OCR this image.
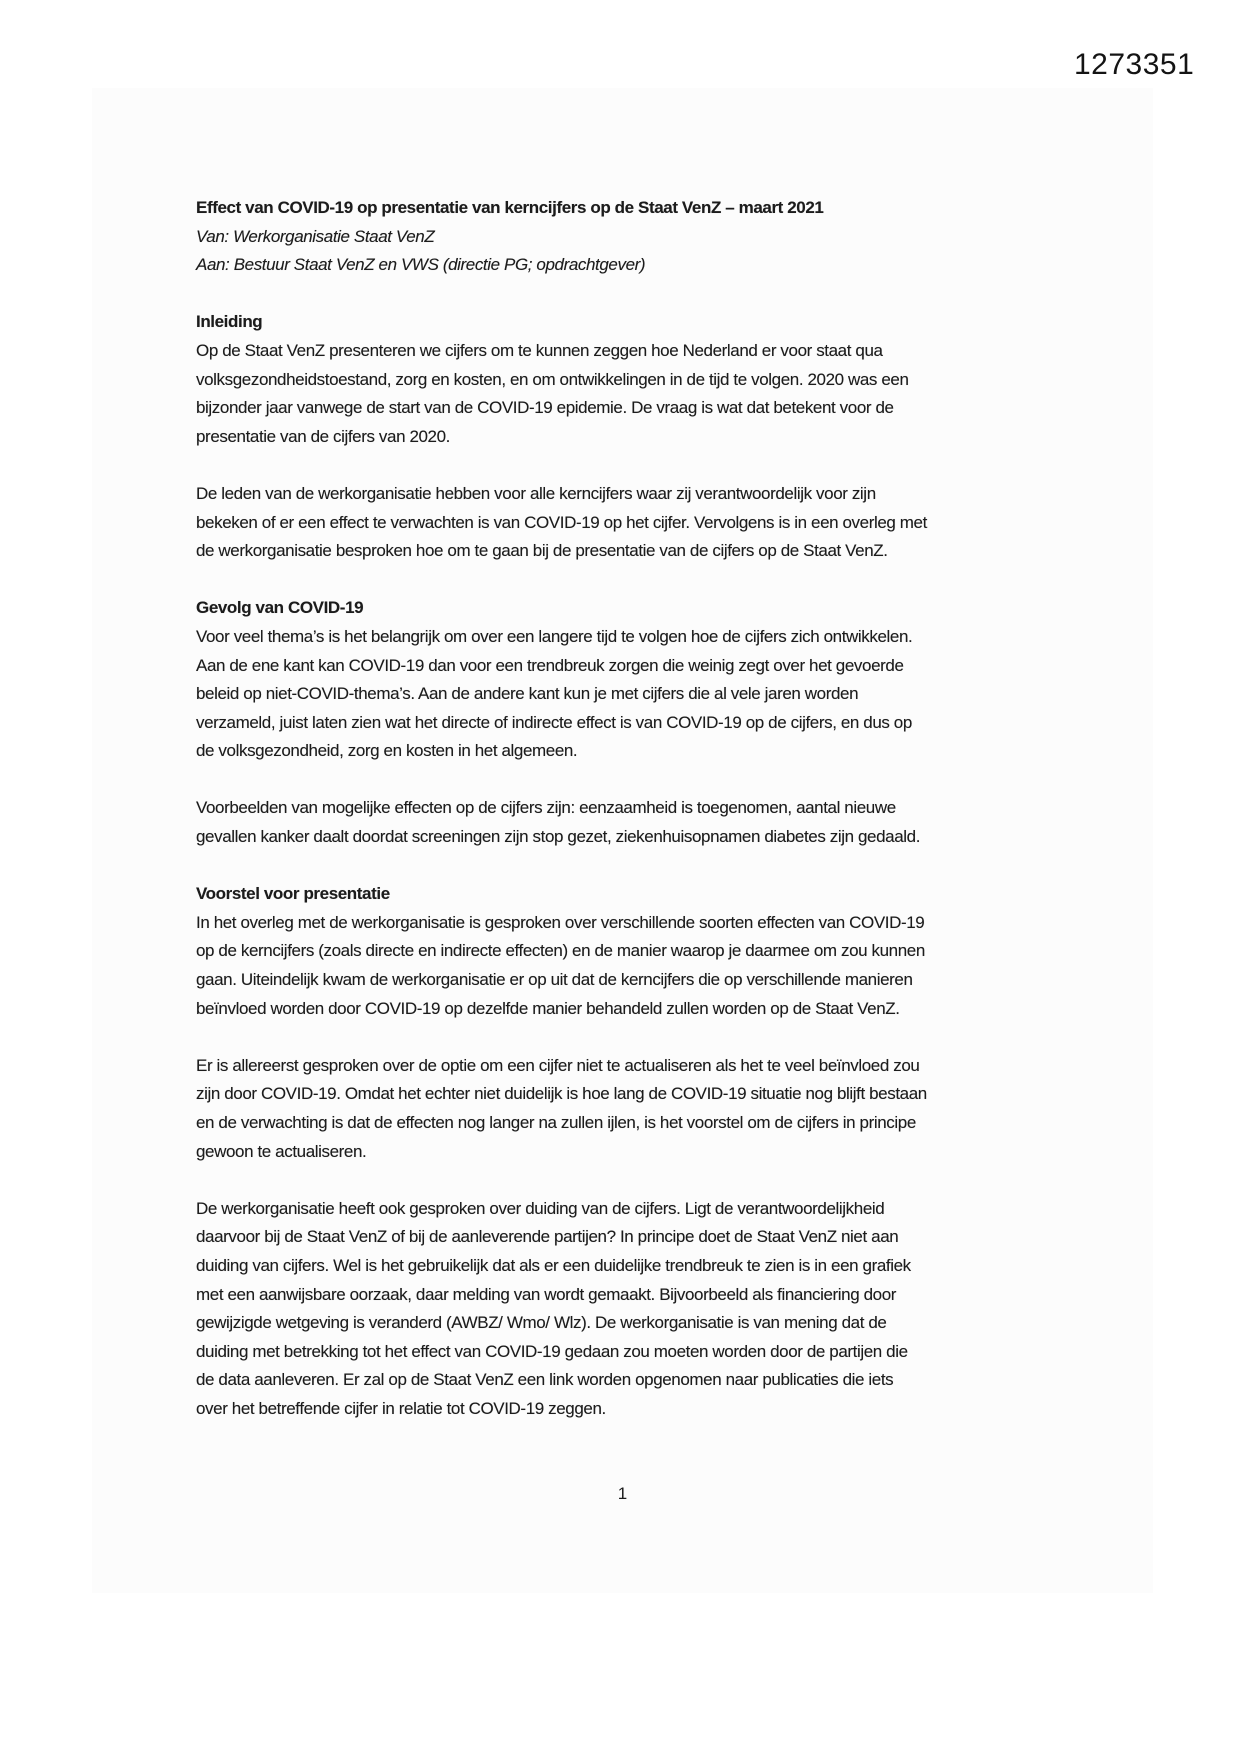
1273351

Effect van COVID-19 op presentatie van kerncijfers op de Staat VenZ – maart 2021

Van: Werkorganisatie Staat VenZ

Aan: Bestuur Staat VenZ en VWS (directie PG; opdrachtgever)

Inleiding

Op de Staat VenZ presenteren we cijfers om te kunnen zeggen hoe Nederland er voor staat qua volksgezondheidstoestand, zorg en kosten, en om ontwikkelingen in de tijd te volgen. 2020 was een bijzonder jaar vanwege de start van de COVID-19 epidemie. De vraag is wat dat betekent voor de presentatie van de cijfers van 2020.

De leden van de werkorganisatie hebben voor alle kerncijfers waar zij verantwoordelijk voor zijn bekeken of er een effect te verwachten is van COVID-19 op het cijfer. Vervolgens is in een overleg met de werkorganisatie besproken hoe om te gaan bij de presentatie van de cijfers op de Staat VenZ.

Gevolg van COVID-19

Voor veel thema’s is het belangrijk om over een langere tijd te volgen hoe de cijfers zich ontwikkelen. Aan de ene kant kan COVID-19 dan voor een trendbreuk zorgen die weinig zegt over het gevoerde beleid op niet-COVID-thema’s. Aan de andere kant kun je met cijfers die al vele jaren worden verzameld, juist laten zien wat het directe of indirecte effect is van COVID-19 op de cijfers, en dus op de volksgezondheid, zorg en kosten in het algemeen.

Voorbeelden van mogelijke effecten op de cijfers zijn: eenzaamheid is toegenomen, aantal nieuwe gevallen kanker daalt doordat screeningen zijn stop gezet, ziekenhuisopnamen diabetes zijn gedaald.

Voorstel voor presentatie

In het overleg met de werkorganisatie is gesproken over verschillende soorten effecten van COVID-19 op de kerncijfers (zoals directe en indirecte effecten) en de manier waarop je daarmee om zou kunnen gaan. Uiteindelijk kwam de werkorganisatie er op uit dat de kerncijfers die op verschillende manieren beïnvloed worden door COVID-19 op dezelfde manier behandeld zullen worden op de Staat VenZ.

Er is allereerst gesproken over de optie om een cijfer niet te actualiseren als het te veel beïnvloed zou zijn door COVID-19. Omdat het echter niet duidelijk is hoe lang de COVID-19 situatie nog blijft bestaan en de verwachting is dat de effecten nog langer na zullen ijlen, is het voorstel om de cijfers in principe gewoon te actualiseren.

De werkorganisatie heeft ook gesproken over duiding van de cijfers. Ligt de verantwoordelijkheid daarvoor bij de Staat VenZ of bij de aanleverende partijen? In principe doet de Staat VenZ niet aan duiding van cijfers. Wel is het gebruikelijk dat als er een duidelijke trendbreuk te zien is in een grafiek met een aanwijsbare oorzaak, daar melding van wordt gemaakt. Bijvoorbeeld als financiering door gewijzigde wetgeving is veranderd (AWBZ/ Wmo/ Wlz). De werkorganisatie is van mening dat de duiding met betrekking tot het effect van COVID-19 gedaan zou moeten worden door de partijen die de data aanleveren. Er zal op de Staat VenZ een link worden opgenomen naar publicaties die iets over het betreffende cijfer in relatie tot COVID-19 zeggen.

1
